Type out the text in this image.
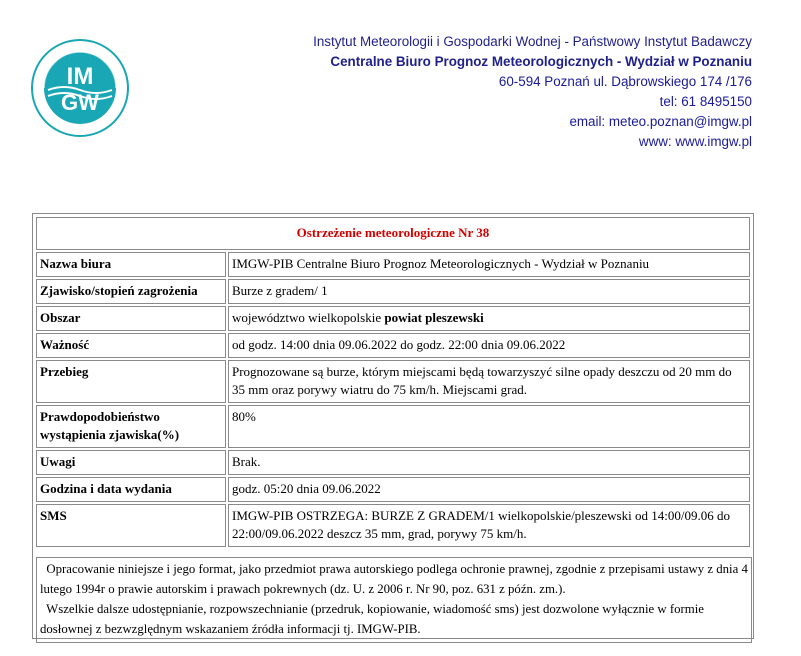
IM
GW
Instytut Meteorologii i Gospodarki Wodnej - Państwowy Instytut Badawczy
Centralne Biuro Prognoz Meteorologicznych - Wydział w Poznaniu
60-594 Poznań ul. Dąbrowskiego 174 /176
tel: 61 8495150
email: meteo.poznan@imgw.pl
www: www.imgw.pl
Ostrzeżenie meteorologiczne Nr 38	
Nazwa biura	IMGW-PIB Centralne Biuro Prognoz Meteorologicznych - Wydział w Poznaniu
Zjawisko/stopień zagrożenia	Burze z gradem/ 1
Obszar	województwo wielkopolskie powiat pleszewski
Ważność	od godz. 14:00 dnia 09.06.2022 do godz. 22:00 dnia 09.06.2022
Przebieg	Prognozowane są burze, którym miejscami będą towarzyszyć silne opady deszczu od 20 mm do 35 mm oraz porywy wiatru do 75 km/h. Miejscami grad.
Prawdopodobieństwo wystąpienia zjawiska(%)	80%
Uwagi	Brak.
Godzina i data wydania	godz. 05:20 dnia 09.06.2022
SMS	IMGW-PIB OSTRZEGA: BURZE Z GRADEM/1 wielkopolskie/pleszewski od 14:00/09.06 do 22:00/09.06.2022 deszcz 35 mm, grad, porywy 75 km/h.

Opracowanie niniejsze i jego format, jako przedmiot prawa autorskiego podlega ochronie prawnej, zgodnie z przepisami ustawy z dnia 4 lutego 1994r o prawie autorskim i prawach pokrewnych (dz. U. z 2006 r. Nr 90, poz. 631 z późn. zm.).

Wszelkie dalsze udostępnianie, rozpowszechnianie (przedruk, kopiowanie, wiadomość sms) jest dozwolone wyłącznie w formie dosłownej z bezwzględnym wskazaniem źródła informacji tj. IMGW-PIB.
